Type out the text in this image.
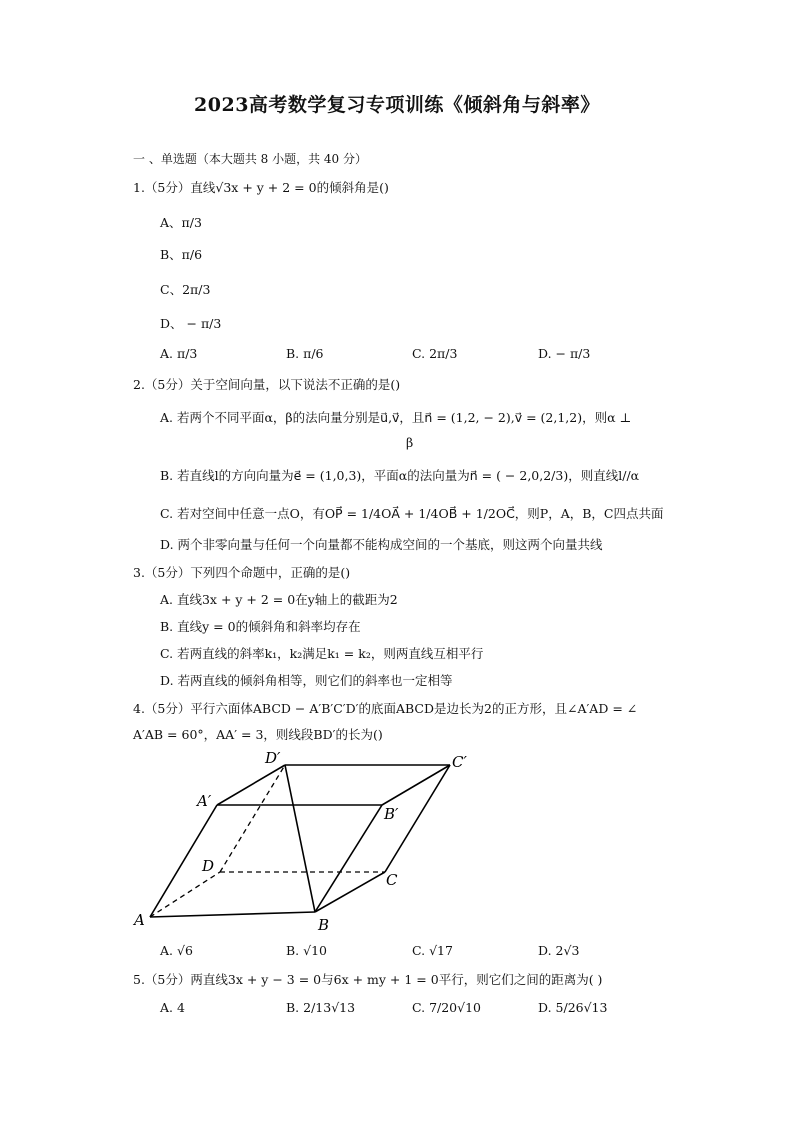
2023高考数学复习专项训练《倾斜角与斜率》
一 、单选题（本大题共 8 小题，共 40 分）
1.（5分）直线√3x + y + 2 = 0的倾斜角是()
A、π/3
B、π/6
C、2π/3
D、 − π/3
A. π/3	B. π/6	C. 2π/3	D. − π/3
2.（5分）关于空间向量，以下说法不正确的是()
A. 若两个不同平面α，β的法向量分别是u⃗,v⃗，且n⃗ = (1,2, − 2),v⃗ = (2,1,2)，则α ⊥
β
B. 若直线l的方向向量为e⃗ = (1,0,3)，平面α的法向量为n⃗ = ( − 2,0,2/3)，则直线l//α
C. 若对空间中任意一点O，有OP⃗ = 1/4OA⃗ + 1/4OB⃗ + 1/2OC⃗，则P，A，B，C四点共面
D. 两个非零向量与任何一个向量都不能构成空间的一个基底，则这两个向量共线
3.（5分）下列四个命题中，正确的是()
A. 直线3x + y + 2 = 0在y轴上的截距为2
B. 直线y = 0的倾斜角和斜率均存在
C. 若两直线的斜率k₁，k₂满足k₁ = k₂，则两直线互相平行
D. 若两直线的倾斜角相等，则它们的斜率也一定相等
4.（5分）平行六面体ABCD − A′B′C′D′的底面ABCD是边长为2的正方形，且∠A′AD = ∠
A′AB = 60°，AA′ = 3，则线段BD′的长为()
A	B
C
D
A′
B′
C′
D′
A. √6	B. √10	C. √17	D. 2√3
5.（5分）两直线3x + y − 3 = 0与6x + my + 1 = 0平行，则它们之间的距离为( )
A. 4	B. 2/13√13	C. 7/20√10	D. 5/26√13
